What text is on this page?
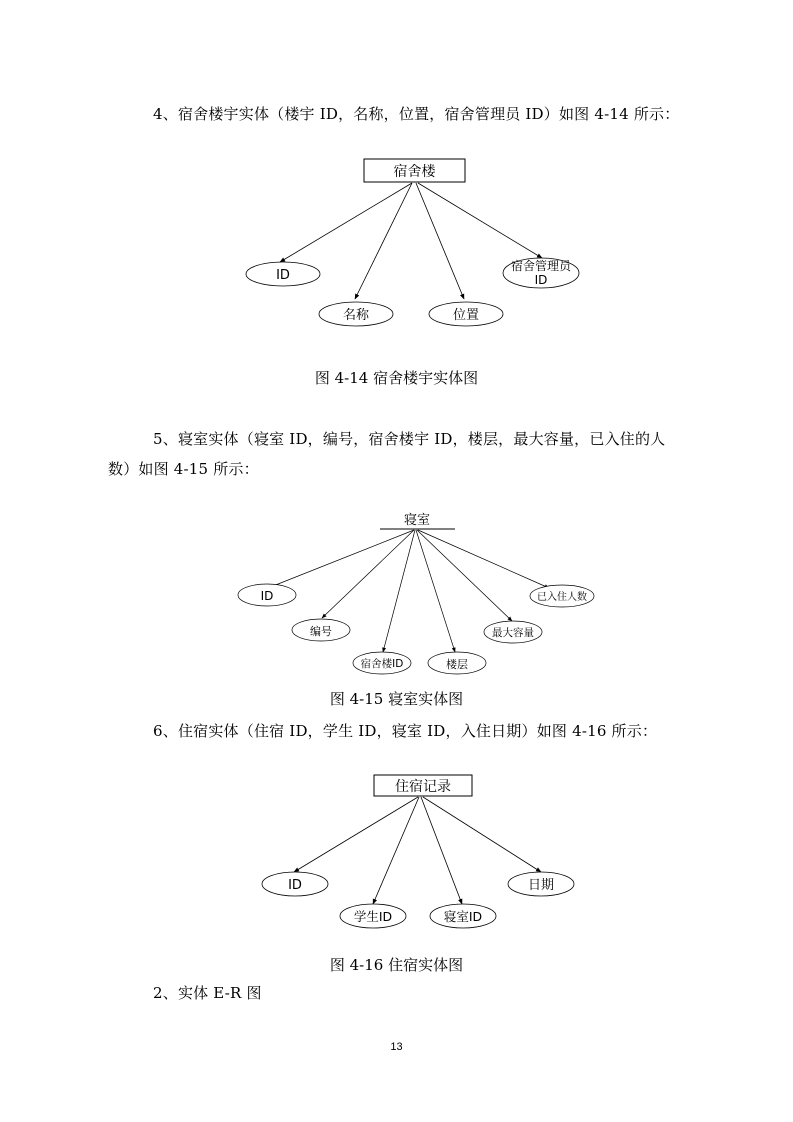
4、宿舍楼宇实体（楼宇 ID，名称，位置，宿舍管理员 ID）如图 4-14 所示：

宿舍楼
ID
名称	位置
宿舍管理员
ID

图 4-14 宿舍楼宇实体图

5、寝室实体（寝室 ID，编号，宿舍楼宇 ID，楼层，最大容量，已入住的人数）如图 4-15 所示：

寝室
ID
编号
宿舍楼ID	楼层
最大容量
已入住人数

图 4-15 寝室实体图

6、住宿实体（住宿 ID，学生 ID，寝室 ID，入住日期）如图 4-16 所示：

住宿记录
ID
学生ID	寝室ID
日期

图 4-16 住宿实体图

2、实体 E-R 图

13
